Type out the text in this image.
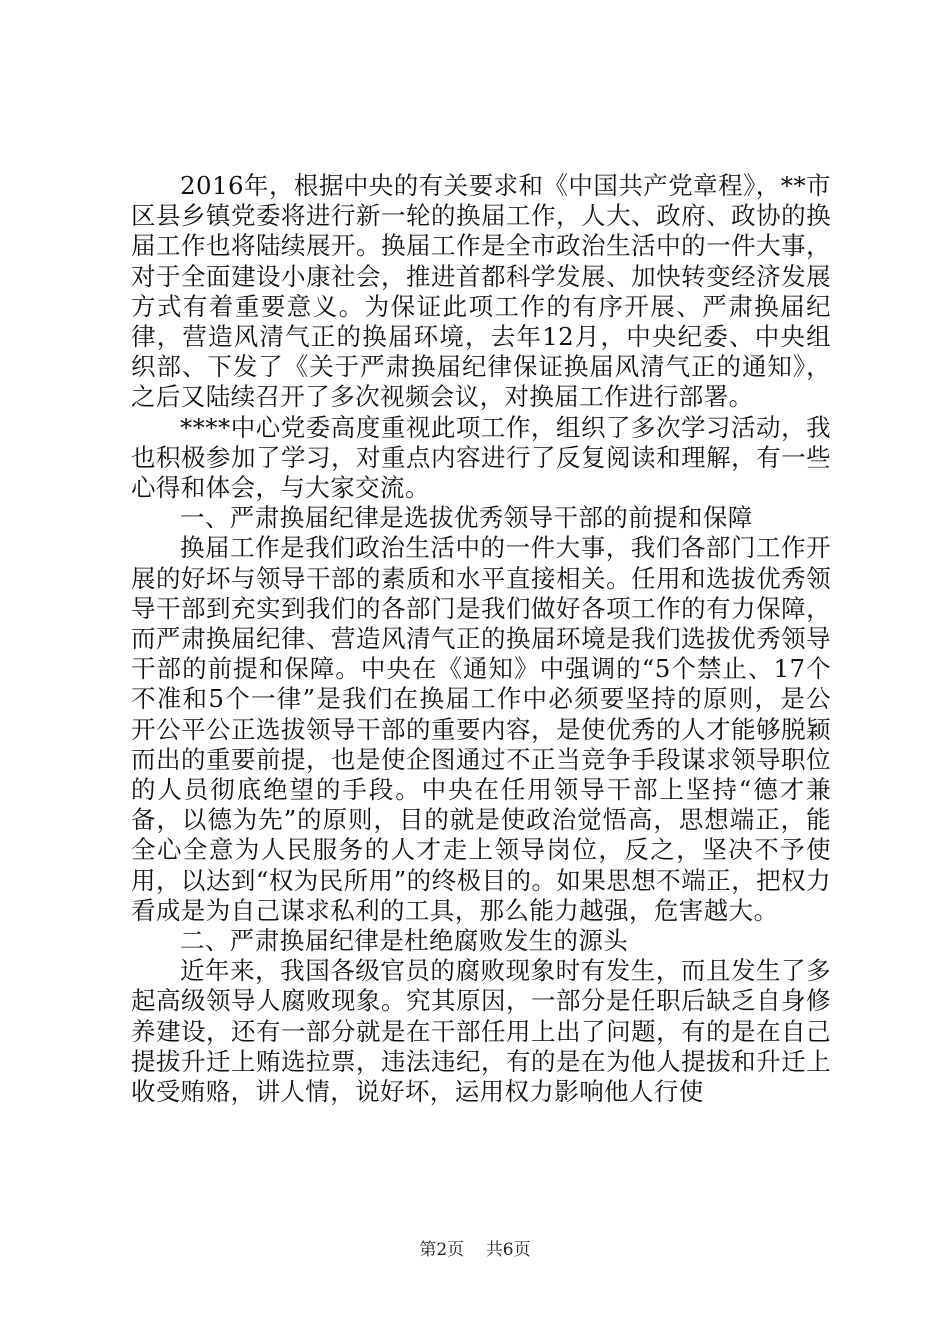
2016年，根据中央的有关要求和《中国共产党章程》，**市区县乡镇党委将进行新一轮的换届工作，人大、政府、政协的换届工作也将陆续展开。换届工作是全市政治生活中的一件大事，对于全面建设小康社会，推进首都科学发展、加快转变经济发展方式有着重要意义。为保证此项工作的有序开展、严肃换届纪律，营造风清气正的换届环境，去年12月，中央纪委、中央组织部、下发了《关于严肃换届纪律保证换届风清气正的通知》，之后又陆续召开了多次视频会议，对换届工作进行部署。

****中心党委高度重视此项工作，组织了多次学习活动，我也积极参加了学习，对重点内容进行了反复阅读和理解，有一些心得和体会，与大家交流。

一、严肃换届纪律是选拔优秀领导干部的前提和保障

换届工作是我们政治生活中的一件大事，我们各部门工作开展的好坏与领导干部的素质和水平直接相关。任用和选拔优秀领导干部到充实到我们的各部门是我们做好各项工作的有力保障，而严肃换届纪律、营造风清气正的换届环境是我们选拔优秀领导干部的前提和保障。中央在《通知》中强调的“5个禁止、17个不准和5个一律”是我们在换届工作中必须要坚持的原则，是公开公平公正选拔领导干部的重要内容，是使优秀的人才能够脱颖而出的重要前提，也是使企图通过不正当竞争手段谋求领导职位的人员彻底绝望的手段。中央在任用领导干部上坚持“德才兼备，以德为先”的原则，目的就是使政治觉悟高，思想端正，能全心全意为人民服务的人才走上领导岗位，反之，坚决不予使用，以达到“权为民所用”的终极目的。如果思想不端正，把权力看成是为自己谋求私利的工具，那么能力越强，危害越大。

二、严肃换届纪律是杜绝腐败发生的源头

近年来，我国各级官员的腐败现象时有发生，而且发生了多起高级领导人腐败现象。究其原因，一部分是任职后缺乏自身修养建设，还有一部分就是在干部任用上出了问题，有的是在自己提拔升迁上贿选拉票，违法违纪，有的是在为他人提拔和升迁上收受贿赂，讲人情，说好坏，运用权力影响他人行使

第2页 共6页
